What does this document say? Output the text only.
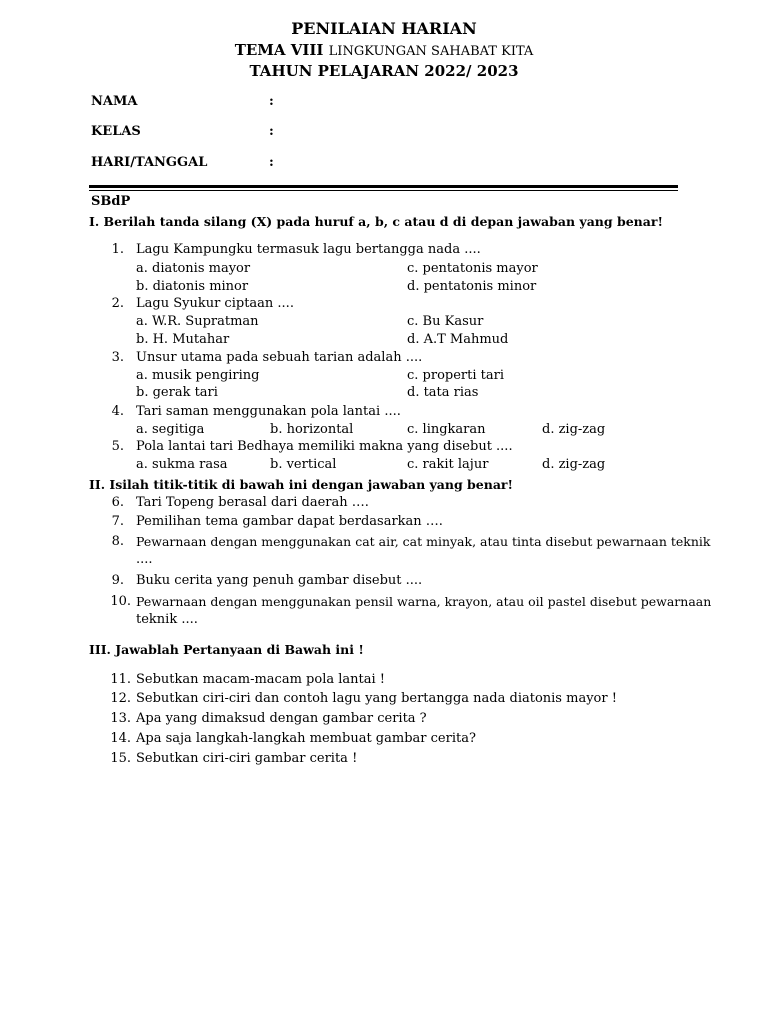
PENILAIAN HARIAN
TEMA VIII LINGKUNGAN SAHABAT KITA
TAHUN PELAJARAN 2022/ 2023
NAMA	:
KELAS	:
HARI/TANGGAL	:
SBdP
I. Berilah tanda silang (X) pada huruf a, b, c atau d di depan jawaban yang benar!
1. Lagu Kampungku termasuk lagu bertangga nada ....
a. diatonis mayor
b. diatonis minor
c. pentatonis mayor
d. pentatonis minor
2. Lagu Syukur ciptaan ....
a. W.R. Supratman
b. H. Mutahar
c. Bu Kasur
d. A.T Mahmud
3. Unsur utama pada sebuah tarian adalah ....
a. musik pengiring
b. gerak tari
c. properti tari
d. tata rias
4. Tari saman menggunakan pola lantai ....
a. segitiga	b. horizontal	c. lingkaran	d. zig-zag
5. Pola lantai tari Bedhaya memiliki makna yang disebut ....
a. sukma rasa	b. vertical	c. rakit lajur	d. zig-zag
II. Isilah titik-titik di bawah ini dengan jawaban yang benar!
6. Tari Topeng berasal dari daerah ….
7. Pemilihan tema gambar dapat berdasarkan ….
8. Pewarnaan dengan menggunakan cat air, cat minyak, atau tinta disebut pewarnaan teknik
....
9. Buku cerita yang penuh gambar disebut ....
10. Pewarnaan dengan menggunakan pensil warna, krayon, atau oil pastel disebut pewarnaan
teknik ....
III. Jawablah Pertanyaan di Bawah ini !
11. Sebutkan macam-macam pola lantai !
12. Sebutkan ciri-ciri dan contoh lagu yang bertangga nada diatonis mayor !
13. Apa yang dimaksud dengan gambar cerita ?
14. Apa saja langkah-langkah membuat gambar cerita?
15. Sebutkan ciri-ciri gambar cerita !
